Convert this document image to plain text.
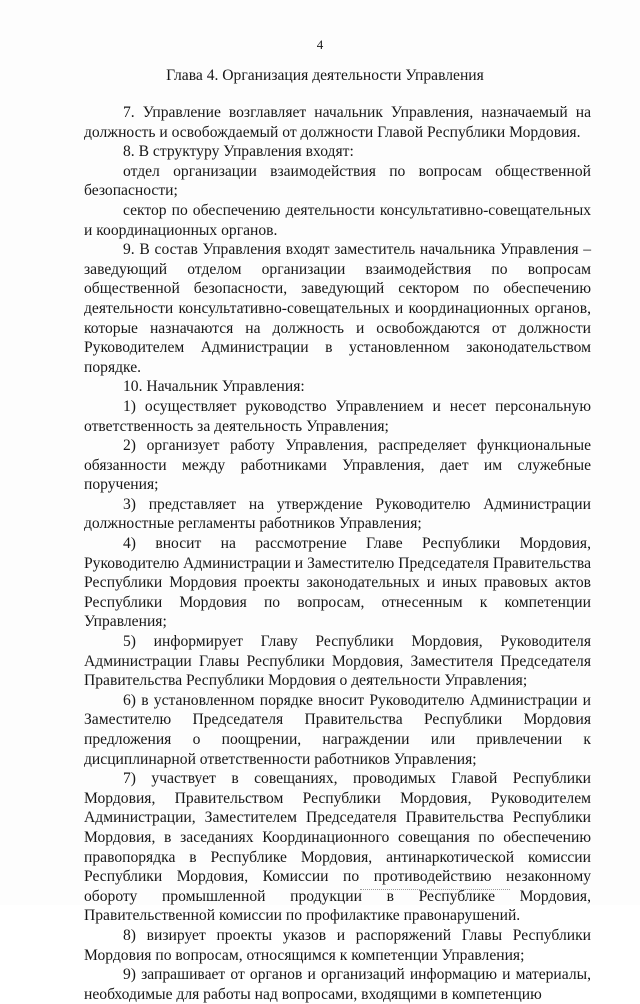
4
Глава 4. Организация деятельности Управления

7. Управление возглавляет начальник Управления, назначаемый на должность и освобождаемый от должности Главой Республики Мордовия.

8. В структуру Управления входят:

отдел организации взаимодействия по вопросам общественной безопасности;

сектор по обеспечению деятельности консультативно-совещательных и координационных органов.

9. В состав Управления входят заместитель начальника Управления – заведующий отделом организации взаимодействия по вопросам общественной безопасности, заведующий сектором по обеспечению деятельности консультативно-совещательных и координационных органов, которые назначаются на должность и освобождаются от должности Руководителем Администрации в установленном законодательством порядке.

10. Начальник Управления:

1) осуществляет руководство Управлением и несет персональную ответственность за деятельность Управления;

2) организует работу Управления, распределяет функциональные обязанности между работниками Управления, дает им служебные поручения;

3) представляет на утверждение Руководителю Администрации должностные регламенты работников Управления;

4) вносит на рассмотрение Главе Республики Мордовия, Руководителю Администрации и Заместителю Председателя Правительства Республики Мордовия проекты законодательных и иных правовых актов Республики Мордовия по вопросам, отнесенным к компетенции Управления;

5) информирует Главу Республики Мордовия, Руководителя Администрации Главы Республики Мордовия, Заместителя Председателя Правительства Республики Мордовия о деятельности Управления;

6) в установленном порядке вносит Руководителю Администрации и Заместителю Председателя Правительства Республики Мордовия предложения о поощрении, награждении или привлечении к дисциплинарной ответственности работников Управления;

7) участвует в совещаниях, проводимых Главой Республики Мордовия, Правительством Республики Мордовия, Руководителем Администрации, Заместителем Председателя Правительства Республики Мордовия, в заседаниях Координационного совещания по обеспечению правопорядка в Республике Мордовия, антинаркотической комиссии Республики Мордовия, Комиссии по противодействию незаконному обороту промышленной продукции в Республике Мордовия, Правительственной комиссии по профилактике правонарушений.

8) визирует проекты указов и распоряжений Главы Республики Мордовия по вопросам, относящимся к компетенции Управления;

9) запрашивает от органов и организаций информацию и материалы, необходимые для работы над вопросами, входящими в компетенцию
